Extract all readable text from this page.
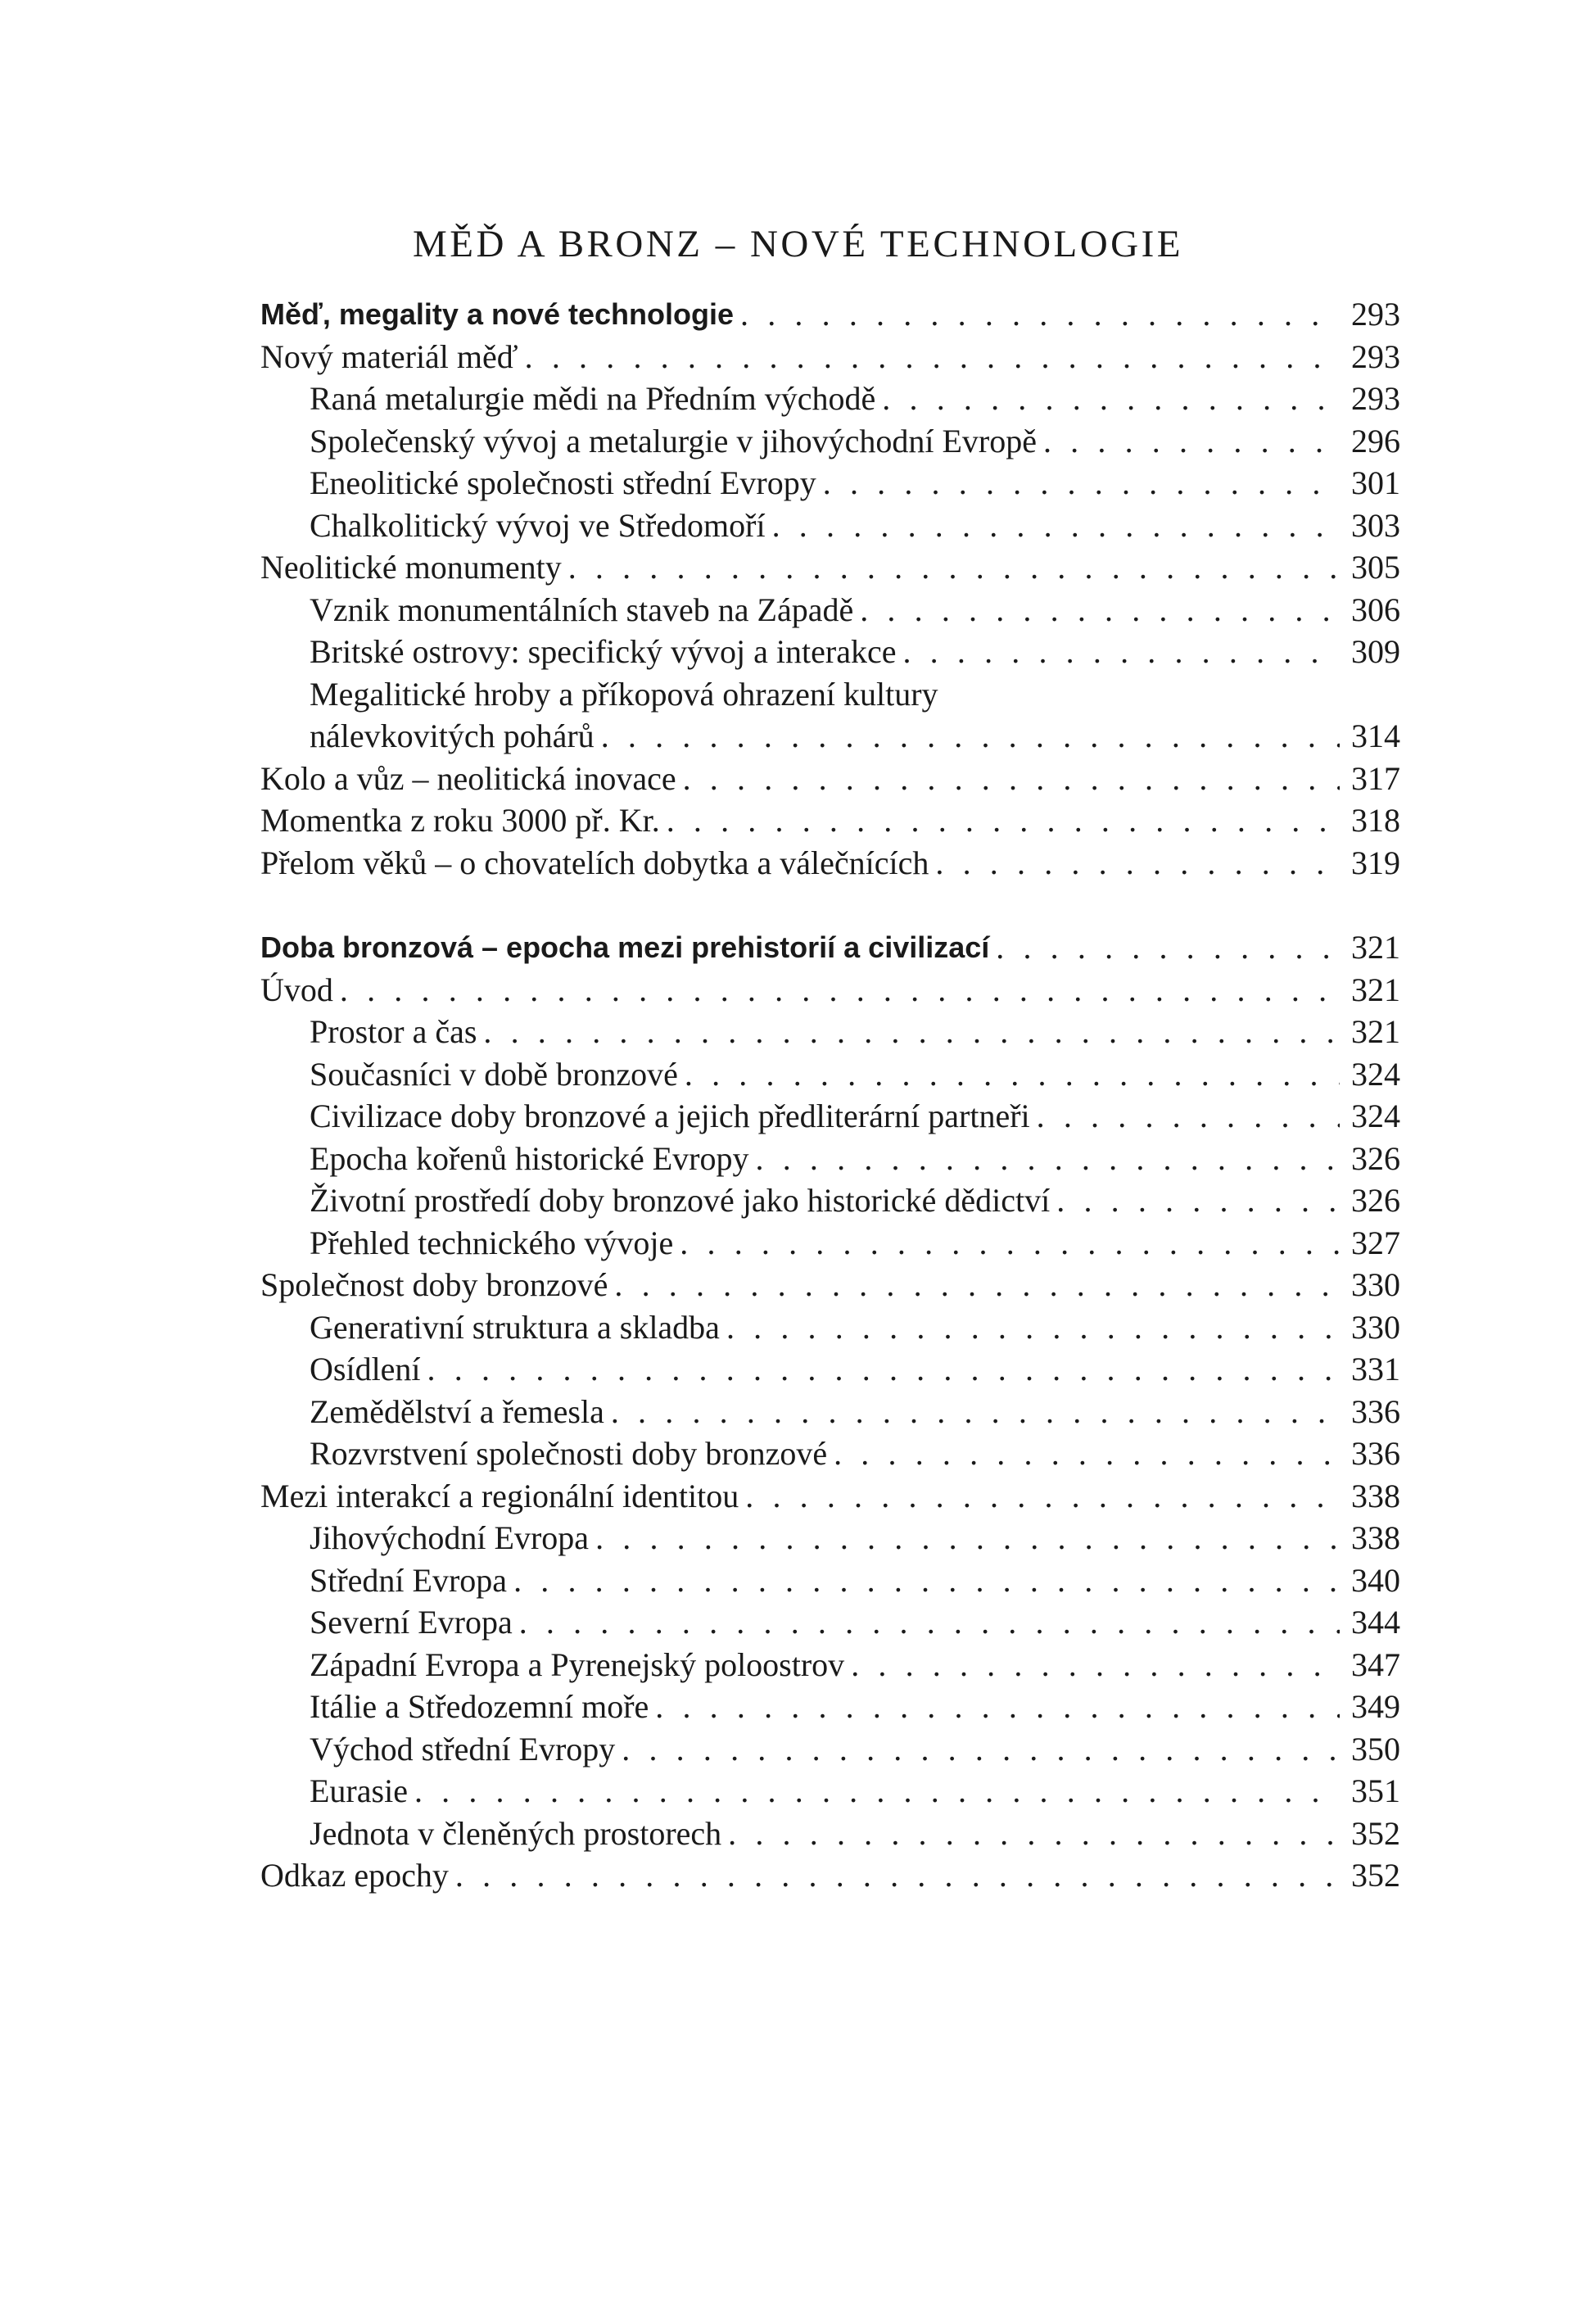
MĚĎ A BRONZ – NOVÉ TECHNOLOGIE
Měď, megality a nové technologie . . .	293
Nový materiál měď . . .	293
Raná metalurgie mědi na Předním východě . . .	293
Společenský vývoj a metalurgie v jihovýchodní Evropě . . .	296
Eneolitické společnosti střední Evropy . . .	301
Chalkolitický vývoj ve Středomoří . . .	303
Neolitické monumenty . . .	305
Vznik monumentálních staveb na Západě . . .	306
Britské ostrovy: specifický vývoj a interakce . . .	309
Megalitické hroby a příkopová ohrazení kultury
nálevkovitých pohárů . . .	314
Kolo a vůz – neolitická inovace . . .	317
Momentka z roku 3000 př. Kr. . . .	318
Přelom věků – o chovatelích dobytka a válečnících . . .	319
Doba bronzová – epocha mezi prehistorií a civilizací . . .	321
Úvod . . .	321
Prostor a čas . . .	321
Současníci v době bronzové . . .	324
Civilizace doby bronzové a jejich předliterární partneři . . .	324
Epocha kořenů historické Evropy . . .	326
Životní prostředí doby bronzové jako historické dědictví . . .	326
Přehled technického vývoje . . .	327
Společnost doby bronzové . . .	330
Generativní struktura a skladba . . .	330
Osídlení . . .	331
Zemědělství a řemesla . . .	336
Rozvrstvení společnosti doby bronzové . . .	336
Mezi interakcí a regionální identitou . . .	338
Jihovýchodní Evropa . . .	338
Střední Evropa . . .	340
Severní Evropa . . .	344
Západní Evropa a Pyrenejský poloostrov . . .	347
Itálie a Středozemní moře . . .	349
Východ střední Evropy . . .	350
Eurasie . . .	351
Jednota v členěných prostorech . . .	352
Odkaz epochy . . .	352
